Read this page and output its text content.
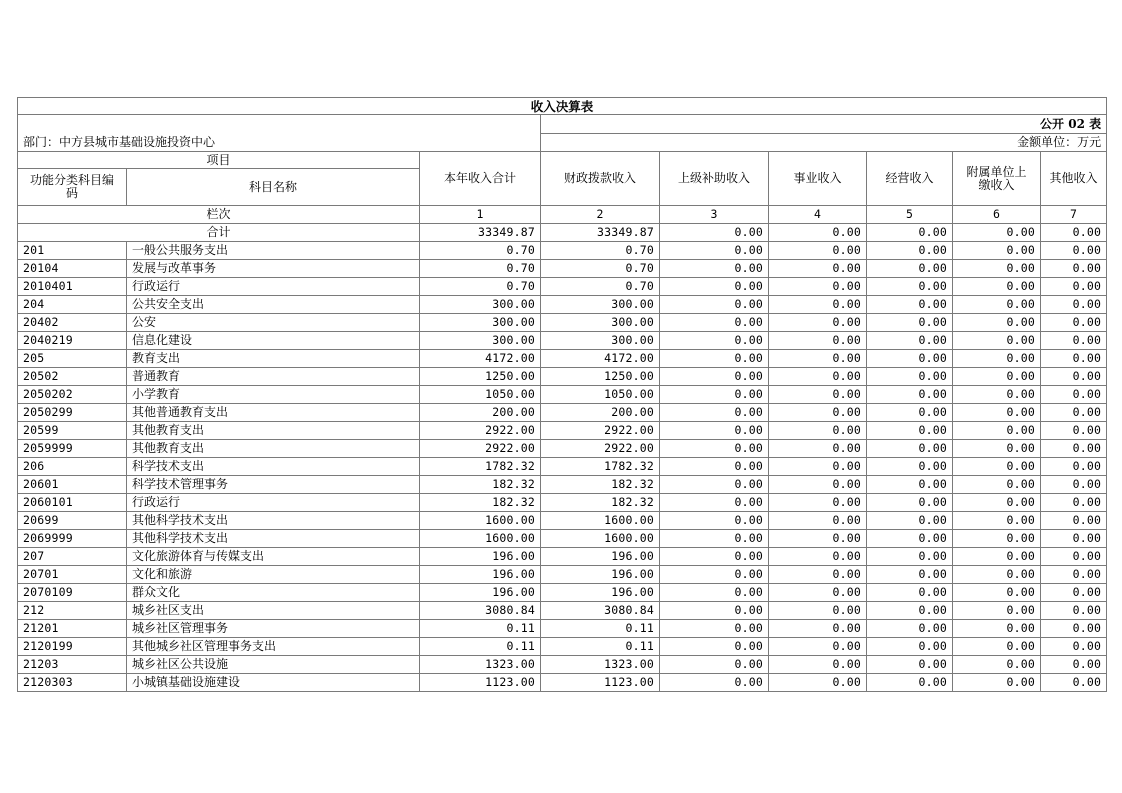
收入决算表								
			公开 02 表					
部门：中方县城市基础设施投资中心			金额单位：万元					
项目		本年收入合计	财政拨款收入	上级补助收入	事业收入	经营收入	附属单位上缴收入	其他收入
功能分类科目编码	科目名称							
栏次		1	2	3	4	5	6	7
合计		33349.87	33349.87	0.00	0.00	0.00	0.00	0.00
201	一般公共服务支出	0.70	0.70	0.00	0.00	0.00	0.00	0.00
20104	发展与改革事务	0.70	0.70	0.00	0.00	0.00	0.00	0.00
2010401	行政运行	0.70	0.70	0.00	0.00	0.00	0.00	0.00
204	公共安全支出	300.00	300.00	0.00	0.00	0.00	0.00	0.00
20402	公安	300.00	300.00	0.00	0.00	0.00	0.00	0.00
2040219	信息化建设	300.00	300.00	0.00	0.00	0.00	0.00	0.00
205	教育支出	4172.00	4172.00	0.00	0.00	0.00	0.00	0.00
20502	普通教育	1250.00	1250.00	0.00	0.00	0.00	0.00	0.00
2050202	小学教育	1050.00	1050.00	0.00	0.00	0.00	0.00	0.00
2050299	其他普通教育支出	200.00	200.00	0.00	0.00	0.00	0.00	0.00
20599	其他教育支出	2922.00	2922.00	0.00	0.00	0.00	0.00	0.00
2059999	其他教育支出	2922.00	2922.00	0.00	0.00	0.00	0.00	0.00
206	科学技术支出	1782.32	1782.32	0.00	0.00	0.00	0.00	0.00
20601	科学技术管理事务	182.32	182.32	0.00	0.00	0.00	0.00	0.00
2060101	行政运行	182.32	182.32	0.00	0.00	0.00	0.00	0.00
20699	其他科学技术支出	1600.00	1600.00	0.00	0.00	0.00	0.00	0.00
2069999	其他科学技术支出	1600.00	1600.00	0.00	0.00	0.00	0.00	0.00
207	文化旅游体育与传媒支出	196.00	196.00	0.00	0.00	0.00	0.00	0.00
20701	文化和旅游	196.00	196.00	0.00	0.00	0.00	0.00	0.00
2070109	群众文化	196.00	196.00	0.00	0.00	0.00	0.00	0.00
212	城乡社区支出	3080.84	3080.84	0.00	0.00	0.00	0.00	0.00
21201	城乡社区管理事务	0.11	0.11	0.00	0.00	0.00	0.00	0.00
2120199	其他城乡社区管理事务支出	0.11	0.11	0.00	0.00	0.00	0.00	0.00
21203	城乡社区公共设施	1323.00	1323.00	0.00	0.00	0.00	0.00	0.00
2120303	小城镇基础设施建设	1123.00	1123.00	0.00	0.00	0.00	0.00	0.00
